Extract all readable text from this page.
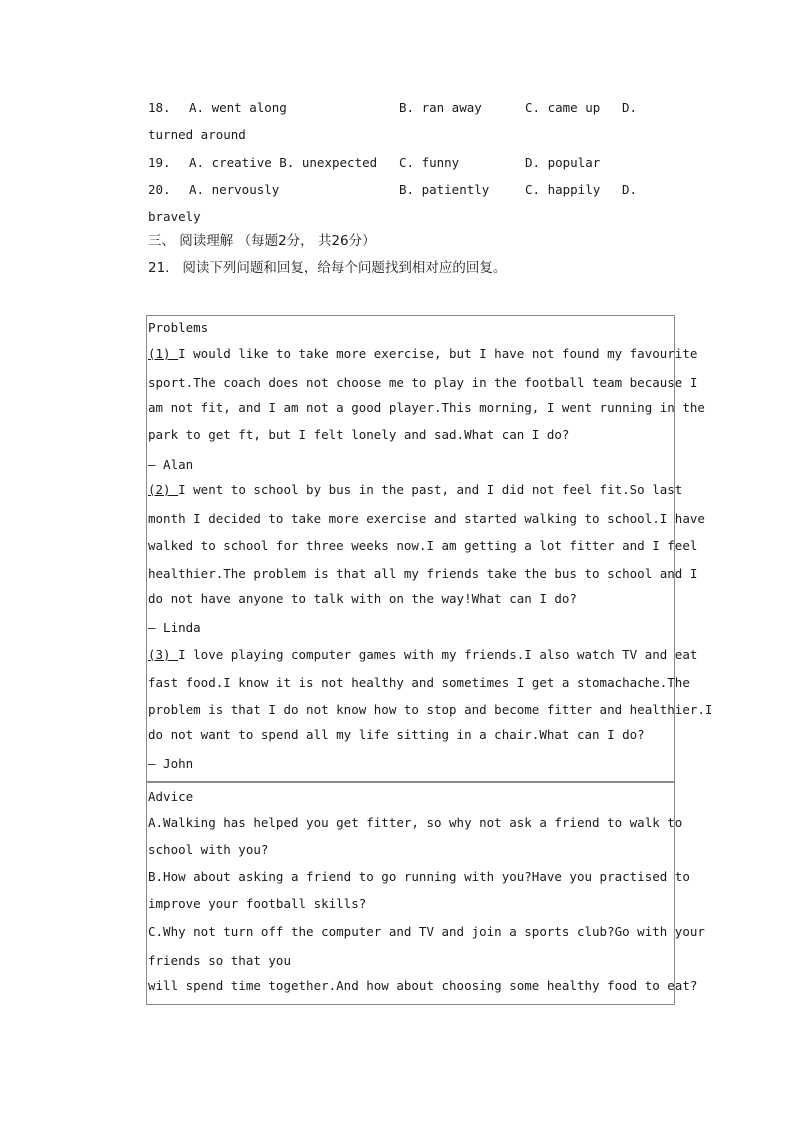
18. A. went along	B. ran away	C. came up D.
turned around
19. A. creative B. unexpected C. funny	D. popular
20. A. nervously	B. patiently	C. happily D.
bravely
三、 阅读理解 （每题2分， 共26分）
21.   阅读下列问题和回复，给每个问题找到相对应的回复。
Problems
(1) I would like to take more exercise, but I have not found my favourite
sport.The coach does not choose me to play in the football team because I
am not fit, and I am not a good player.This morning, I went running in the
park to get ft, but I felt lonely and sad.What can I do?
— Alan
(2) I went to school by bus in the past, and I did not feel fit.So last
month I decided to take more exercise and started walking to school.I have
walked to school for three weeks now.I am getting a lot fitter and I feel
healthier.The problem is that all my friends take the bus to school and I
do not have anyone to talk with on the way!What can I do?
— Linda
(3) I love playing computer games with my friends.I also watch TV and eat
fast food.I know it is not healthy and sometimes I get a stomachache.The
problem is that I do not know how to stop and become fitter and healthier.I
do not want to spend all my life sitting in a chair.What can I do?
— John
Advice
A.Walking has helped you get fitter, so why not ask a friend to walk to
school with you?
B.How about asking a friend to go running with you?Have you practised to
improve your football skills?
C.Why not turn off the computer and TV and join a sports club?Go with your
friends so that you
will spend time together.And how about choosing some healthy food to eat?
